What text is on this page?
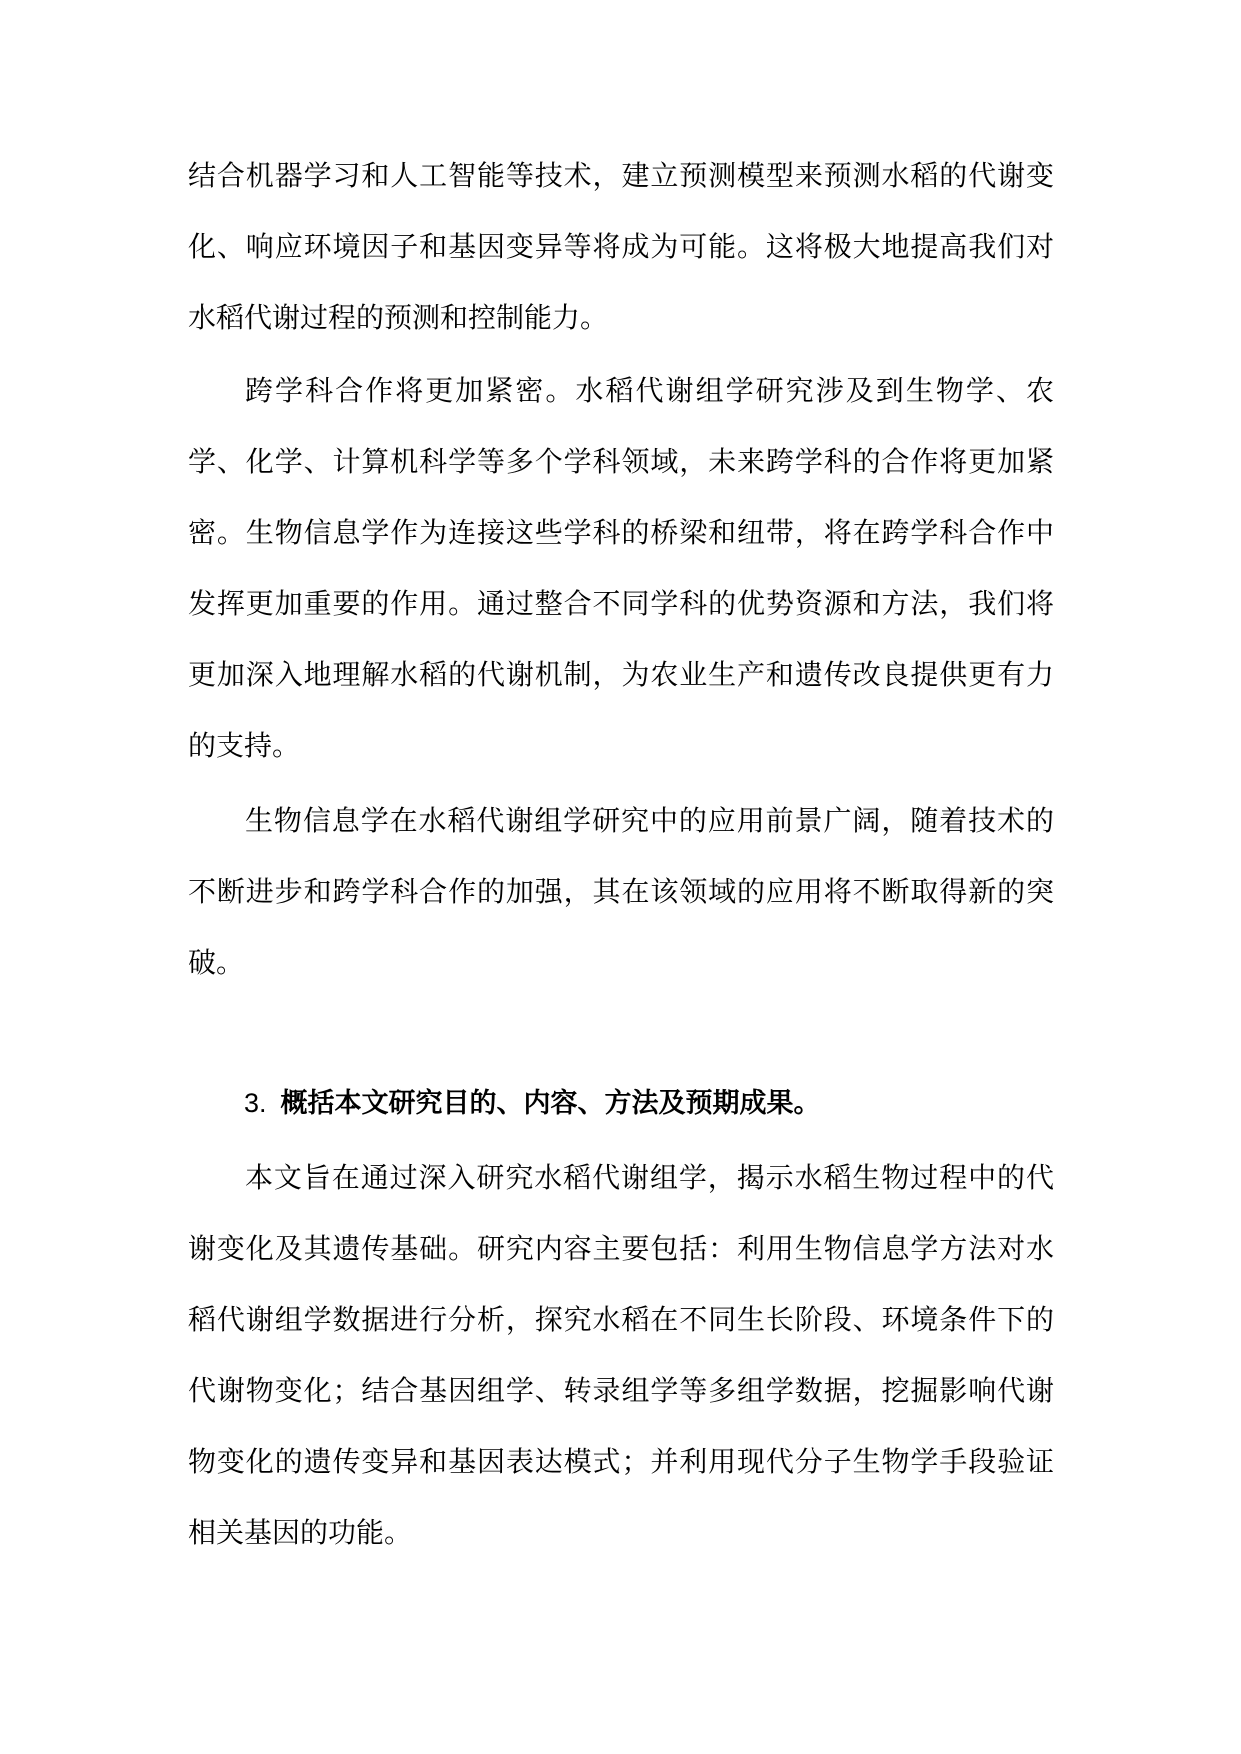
结合机器学习和人工智能等技术，建立预测模型来预测水稻的代谢变化、响应环境因子和基因变异等将成为可能。这将极大地提高我们对水稻代谢过程的预测和控制能力。

跨学科合作将更加紧密。水稻代谢组学研究涉及到生物学、农学、化学、计算机科学等多个学科领域，未来跨学科的合作将更加紧密。生物信息学作为连接这些学科的桥梁和纽带，将在跨学科合作中发挥更加重要的作用。通过整合不同学科的优势资源和方法，我们将更加深入地理解水稻的代谢机制，为农业生产和遗传改良提供更有力的支持。

生物信息学在水稻代谢组学研究中的应用前景广阔，随着技术的不断进步和跨学科合作的加强，其在该领域的应用将不断取得新的突破。

3. 概括本文研究目的、内容、方法及预期成果。

本文旨在通过深入研究水稻代谢组学，揭示水稻生物过程中的代谢变化及其遗传基础。研究内容主要包括：利用生物信息学方法对水稻代谢组学数据进行分析，探究水稻在不同生长阶段、环境条件下的代谢物变化；结合基因组学、转录组学等多组学数据，挖掘影响代谢物变化的遗传变异和基因表达模式；并利用现代分子生物学手段验证相关基因的功能。
